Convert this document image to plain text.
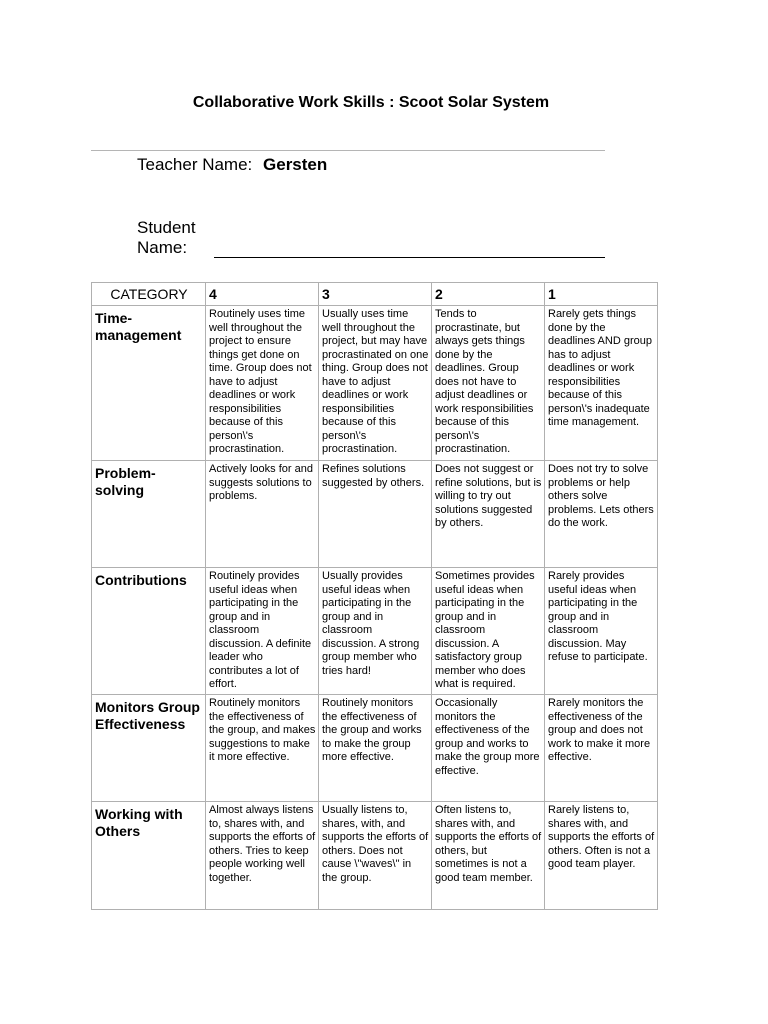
Collaborative Work Skills : Scoot Solar System
Teacher Name: Gersten
Student Name:
CATEGORY	4	3	2	1
Time-management	Routinely uses time well throughout the project to ensure things get done on time. Group does not have to adjust deadlines or work responsibilities because of this person\'s procrastination.	Usually uses time well throughout the project, but may have procrastinated on one thing. Group does not have to adjust deadlines or work responsibilities because of this person\'s procrastination.	Tends to procrastinate, but always gets things done by the deadlines. Group does not have to adjust deadlines or work responsibilities because of this person\'s procrastination.	Rarely gets things done by the deadlines AND group has to adjust deadlines or work responsibilities because of this person\'s inadequate time management.
Problem-solving	Actively looks for and suggests solutions to problems.	Refines solutions suggested by others.	Does not suggest or refine solutions, but is willing to try out solutions suggested by others.	Does not try to solve problems or help others solve problems. Lets others do the work.
Contributions	Routinely provides useful ideas when participating in the group and in classroom discussion. A definite leader who contributes a lot of effort.	Usually provides useful ideas when participating in the group and in classroom discussion. A strong group member who tries hard!	Sometimes provides useful ideas when participating in the group and in classroom discussion. A satisfactory group member who does what is required.	Rarely provides useful ideas when participating in the group and in classroom discussion. May refuse to participate.
Monitors Group Effectiveness	Routinely monitors the effectiveness of the group, and makes suggestions to make it more effective.	Routinely monitors the effectiveness of the group and works to make the group more effective.	Occasionally monitors the effectiveness of the group and works to make the group more effective.	Rarely monitors the effectiveness of the group and does not work to make it more effective.
Working with Others	Almost always listens to, shares with, and supports the efforts of others. Tries to keep people working well together.	Usually listens to, shares, with, and supports the efforts of others. Does not cause \"waves\" in the group.	Often listens to, shares with, and supports the efforts of others, but sometimes is not a good team member.	Rarely listens to, shares with, and supports the efforts of others. Often is not a good team player.
